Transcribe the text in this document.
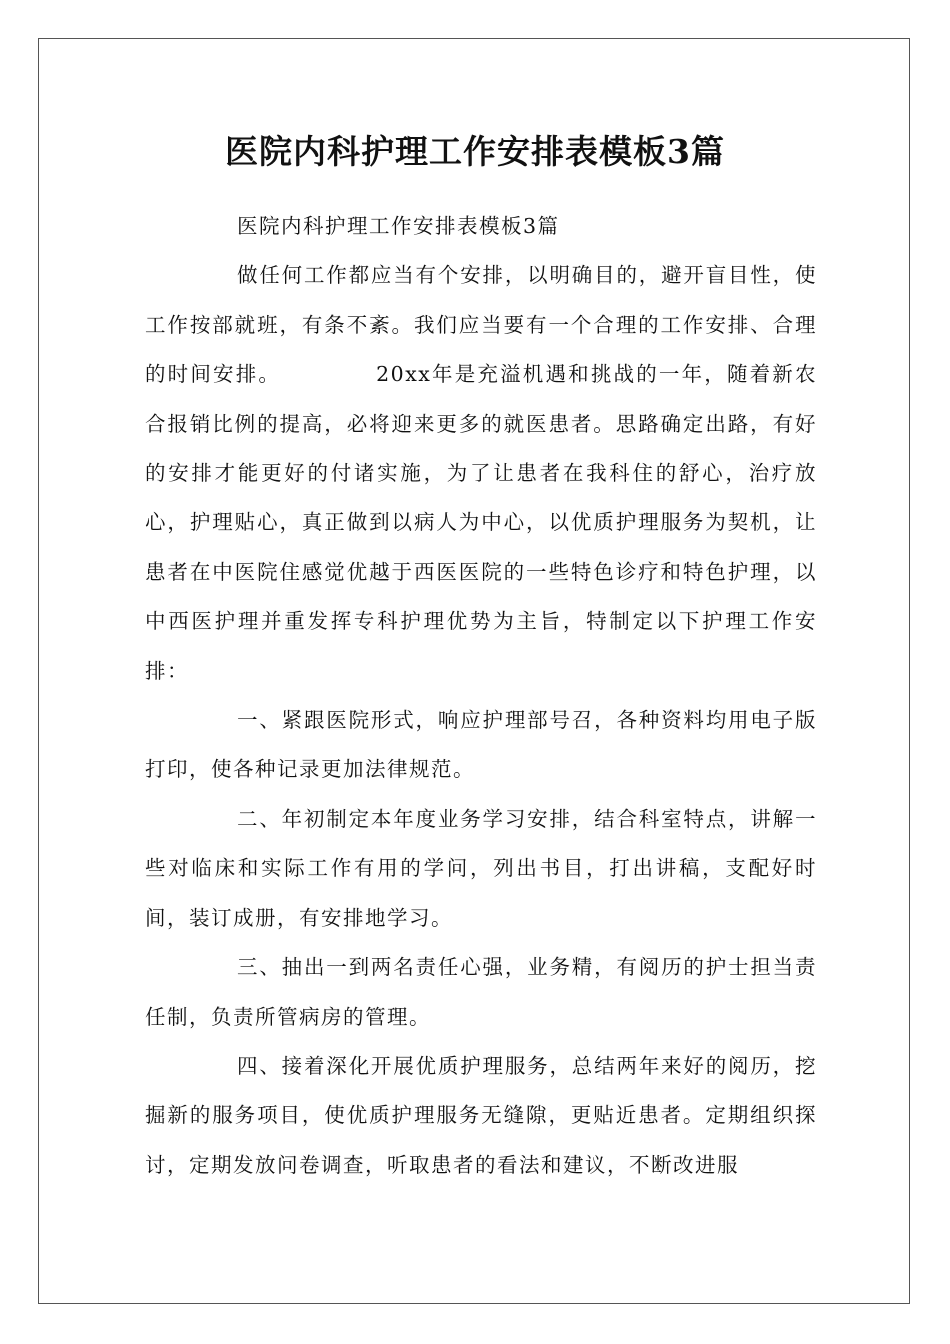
医院内科护理工作安排表模板3篇

医院内科护理工作安排表模板3篇

做任何工作都应当有个安排，以明确目的，避开盲目性，使工作按部就班，有条不紊。我们应当要有一个合理的工作安排、合理的时间安排。	20xx年是充溢机遇和挑战的一年，随着新农合报销比例的提高，必将迎来更多的就医患者。思路确定出路，有好的安排才能更好的付诸实施，为了让患者在我科住的舒心，治疗放心，护理贴心，真正做到以病人为中心，以优质护理服务为契机，让患者在中医院住感觉优越于西医医院的一些特色诊疗和特色护理，以中西医护理并重发挥专科护理优势为主旨，特制定以下护理工作安排：

一、紧跟医院形式，响应护理部号召，各种资料均用电子版打印，使各种记录更加法律规范。

二、年初制定本年度业务学习安排，结合科室特点，讲解一些对临床和实际工作有用的学问，列出书目，打出讲稿，支配好时间，装订成册，有安排地学习。

三、抽出一到两名责任心强，业务精，有阅历的护士担当责任制，负责所管病房的管理。

四、接着深化开展优质护理服务，总结两年来好的阅历，挖掘新的服务项目，使优质护理服务无缝隙，更贴近患者。定期组织探讨，定期发放问卷调查，听取患者的看法和建议，不断改进服
